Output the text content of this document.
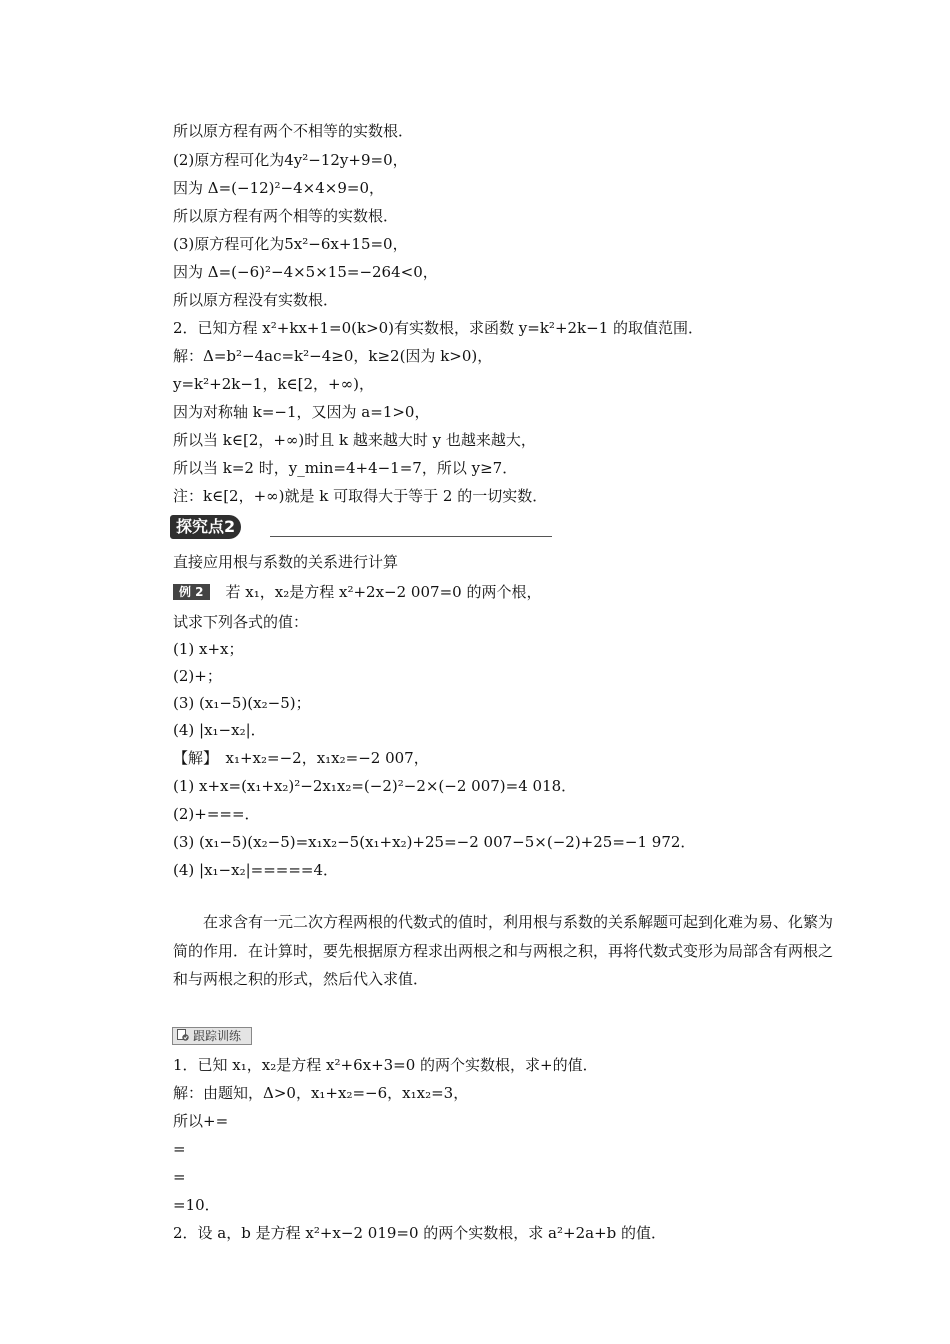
所以原方程有两个不相等的实数根．
(2)原方程可化为4y²−12y+9=0，
因为 Δ=(−12)²−4×4×9=0，
所以原方程有两个相等的实数根．
(3)原方程可化为5x²−6x+15=0，
因为 Δ=(−6)²−4×5×15=−264<0，
所以原方程没有实数根．
2．已知方程 x²+kx+1=0(k>0)有实数根，求函数 y=k²+2k−1 的取值范围．
解：Δ=b²−4ac=k²−4≥0，k≥2(因为 k>0)，
y=k²+2k−1，k∈[2，+∞)，
因为对称轴 k=−1，又因为 a=1>0，
所以当 k∈[2，+∞)时且 k 越来越大时 y 也越来越大，
所以当 k=2 时，y_min=4+4−1=7，所以 y≥7．
注：k∈[2，+∞)就是 k 可取得大于等于 2 的一切实数．
探究点2
直接应用根与系数的关系进行计算
例 2 若 x₁，x₂是方程 x²+2x−2 007=0 的两个根，
试求下列各式的值：
(1) x+x；
(2)+；
(3) (x₁−5)(x₂−5)；
(4) |x₁−x₂|．
【解】　x₁+x₂=−2，x₁x₂=−2 007，
(1) x+x=(x₁+x₂)²−2x₁x₂=(−2)²−2×(−2 007)=4 018．
(2)+===．
(3) (x₁−5)(x₂−5)=x₁x₂−5(x₁+x₂)+25=−2 007−5×(−2)+25=−1 972．
(4) |x₁−x₂|=====4．
在求含有一元二次方程两根的代数式的值时，利用根与系数的关系解题可起到化难为易、化繁为简的作用．在计算时，要先根据原方程求出两根之和与两根之积，再将代数式变形为局部含有两根之和与两根之积的形式，然后代入求值．
跟踪训练
1．已知 x₁，x₂是方程 x²+6x+3=0 的两个实数根，求+的值．
解：由题知，Δ>0，x₁+x₂=−6，x₁x₂=3，
所以+=
=
=
=10．
2．设 a，b 是方程 x²+x−2 019=0 的两个实数根，求 a²+2a+b 的值．
